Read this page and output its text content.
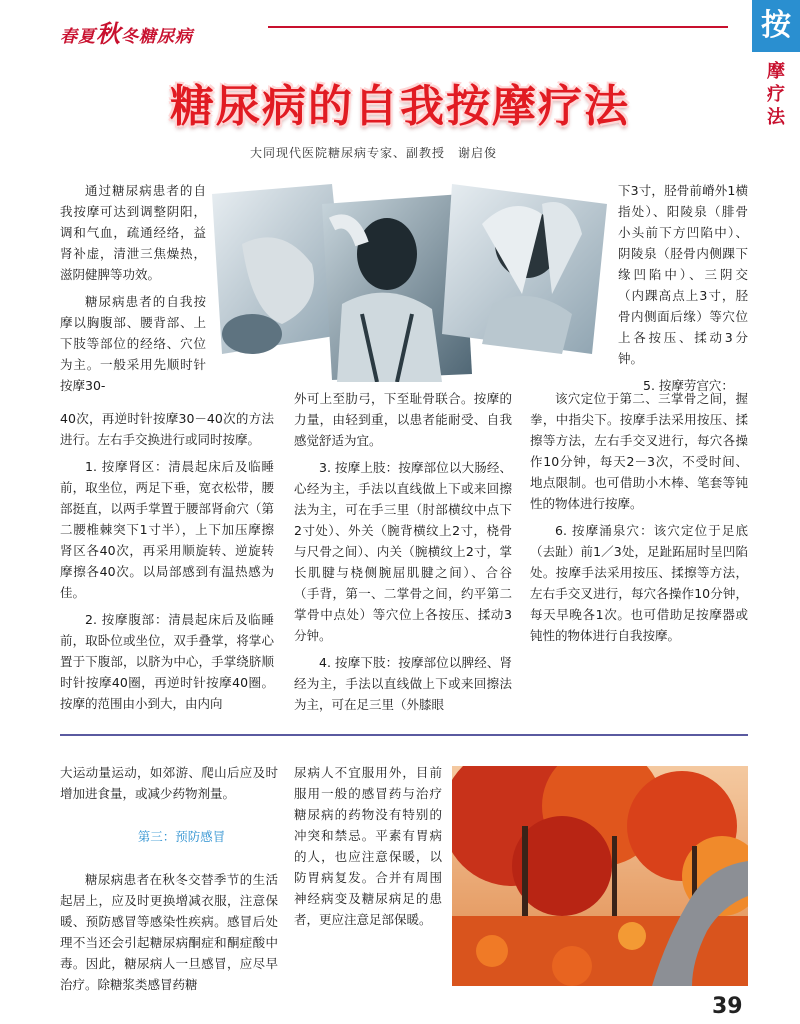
春夏秋冬糖尿病	按
摩疗法
糖尿病的自我按摩疗法
大同现代医院糖尿病专家、副教授　谢启俊

通过糖尿病患者的自我按摩可达到调整阴阳，调和气血，疏通经络，益肾补虚，清泄三焦燥热，滋阴健脾等功效。

糖尿病患者的自我按摩以胸腹部、腰背部、上下肢等部位的经络、穴位为主。一般采用先顺时针按摩30-

40次，再逆时针按摩30－40次的方法进行。左右手交换进行或同时按摩。

1. 按摩肾区：清晨起床后及临睡前，取坐位，两足下垂，宽衣松带，腰部挺直，以两手掌置于腰部肾俞穴（第二腰椎棘突下1寸半），上下加压摩擦肾区各40次，再采用顺旋转、逆旋转摩擦各40次。以局部感到有温热感为佳。

2. 按摩腹部：清晨起床后及临睡前，取卧位或坐位，双手叠掌，将掌心置于下腹部，以脐为中心，手掌绕脐顺时针按摩40圈，再逆时针按摩40圈。按摩的范围由小到大，由内向

外可上至肋弓，下至耻骨联合。按摩的力量，由轻到重，以患者能耐受、自我感觉舒适为宜。

3. 按摩上肢：按摩部位以大肠经、心经为主，手法以直线做上下或来回擦法为主，可在手三里（肘部横纹中点下2寸处）、外关（腕背横纹上2寸，桡骨与尺骨之间）、内关（腕横纹上2寸，掌长肌腱与桡侧腕屈肌腱之间）、合谷（手背，第一、二掌骨之间，约平第二掌骨中点处）等穴位上各按压、揉动3分钟。

4. 按摩下肢：按摩部位以脾经、肾经为主，手法以直线做上下或来回擦法为主，可在足三里（外膝眼

下3寸，胫骨前嵴外1横指处）、阳陵泉（腓骨小头前下方凹陷中）、阴陵泉（胫骨内侧踝下缘凹陷中）、三阴交（内踝高点上3寸，胫骨内侧面后缘）等穴位上各按压、揉动3分钟。

5. 按摩劳宫穴：

该穴定位于第二、三掌骨之间，握拳，中指尖下。按摩手法采用按压、揉擦等方法，左右手交叉进行，每穴各操作10分钟，每天2－3次，不受时间、地点限制。也可借助小木棒、笔套等钝性的物体进行按摩。

6. 按摩涌泉穴：该穴定位于足底（去趾）前1／3处，足趾跖屈时呈凹陷处。按摩手法采用按压、揉擦等方法，左右手交叉进行，每穴各操作10分钟，每天早晚各1次。也可借助足按摩器或钝性的物体进行自我按摩。

大运动量运动，如郊游、爬山后应及时增加进食量，或减少药物剂量。

第三：预防感冒

糖尿病患者在秋冬交替季节的生活起居上，应及时更换增减衣服，注意保暖、预防感冒等感染性疾病。感冒后处理不当还会引起糖尿病酮症和酮症酸中毒。因此，糖尿病人一旦感冒，应尽早治疗。除糖浆类感冒药糖

尿病人不宜服用外，目前服用一般的感冒药与治疗糖尿病的药物没有特别的冲突和禁忌。平素有胃病的人，也应注意保暖，以防胃病复发。合并有周围神经病变及糖尿病足的患者，更应注意足部保暖。

39
